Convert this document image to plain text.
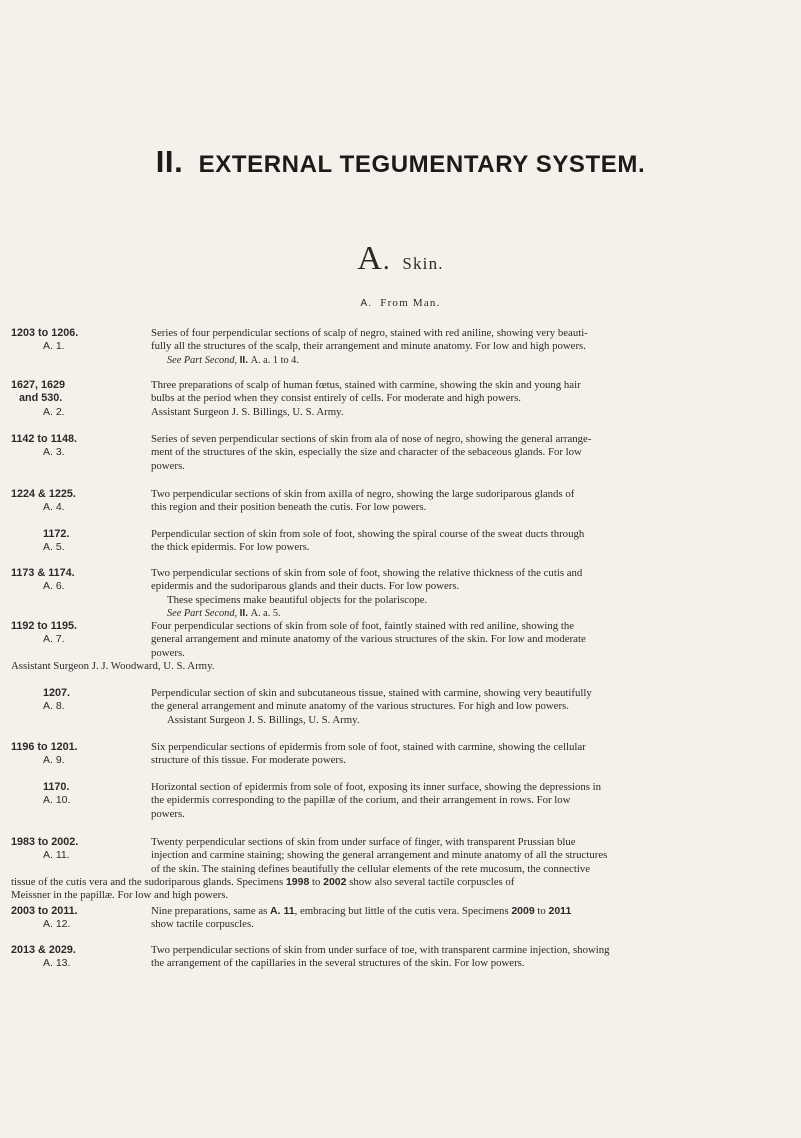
II. EXTERNAL TEGUMENTARY SYSTEM.
A. Skin.
A. From Man.
1203 to 1206.
A. 1.
Series of four perpendicular sections of scalp of negro, stained with red aniline, showing very beauti-
fully all the structures of the scalp, their arrangement and minute anatomy. For low and high powers.
See Part Second, II. A. a. 1 to 4.
1627, 1629
and 530.
A. 2.
Three preparations of scalp of human fœtus, stained with carmine, showing the skin and young hair
bulbs at the period when they consist entirely of cells. For moderate and high powers.
Assistant Surgeon J. S. Billings, U. S. Army.
1142 to 1148.
A. 3.
Series of seven perpendicular sections of skin from ala of nose of negro, showing the general arrange-
ment of the structures of the skin, especially the size and character of the sebaceous glands. For low
powers.
1224 & 1225.
A. 4.
Two perpendicular sections of skin from axilla of negro, showing the large sudoriparous glands of
this region and their position beneath the cutis. For low powers.
1172.
A. 5.
Perpendicular section of skin from sole of foot, showing the spiral course of the sweat ducts through
the thick epidermis. For low powers.
1173 & 1174.
A. 6.
Two perpendicular sections of skin from sole of foot, showing the relative thickness of the cutis and
epidermis and the sudoriparous glands and their ducts. For low powers.
These specimens make beautiful objects for the polariscope.
See Part Second, II. A. a. 5.
1192 to 1195.
A. 7.
Four perpendicular sections of skin from sole of foot, faintly stained with red aniline, showing the
general arrangement and minute anatomy of the various structures of the skin. For low and moderate
powers.
Assistant Surgeon J. J. Woodward, U. S. Army.
1207.
A. 8.
Perpendicular section of skin and subcutaneous tissue, stained with carmine, showing very beautifully
the general arrangement and minute anatomy of the various structures. For high and low powers.
Assistant Surgeon J. S. Billings, U. S. Army.
1196 to 1201.
A. 9.
Six perpendicular sections of epidermis from sole of foot, stained with carmine, showing the cellular
structure of this tissue. For moderate powers.
1170.
A. 10.
Horizontal section of epidermis from sole of foot, exposing its inner surface, showing the depressions in
the epidermis corresponding to the papillæ of the corium, and their arrangement in rows. For low
powers.
1983 to 2002.
A. 11.
Twenty perpendicular sections of skin from under surface of finger, with transparent Prussian blue
injection and carmine staining; showing the general arrangement and minute anatomy of all the structures
of the skin. The staining defines beautifully the cellular elements of the rete mucosum, the connective
tissue of the cutis vera and the sudoriparous glands. Specimens 1998 to 2002 show also several tactile corpuscles of
Meissner in the papillæ. For low and high powers.
2003 to 2011.
A. 12.
Nine preparations, same as A. 11, embracing but little of the cutis vera. Specimens 2009 to 2011
show tactile corpuscles.
2013 & 2029.
A. 13.
Two perpendicular sections of skin from under surface of toe, with transparent carmine injection, showing
the arrangement of the capillaries in the several structures of the skin. For low powers.
